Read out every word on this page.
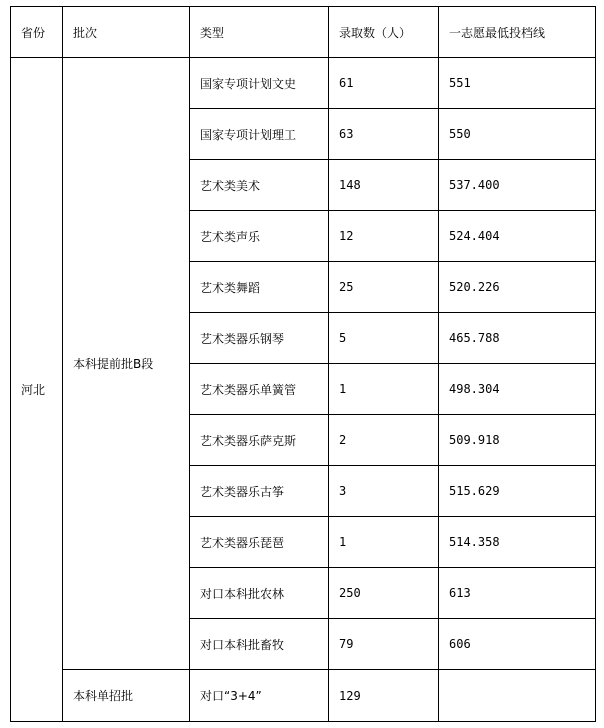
省份	批次	类型	录取数（人）	一志愿最低投档线
河北	本科提前批B段	国家专项计划文史	61	551
		国家专项计划理工	63	550
		艺术类美术	148	537.400
		艺术类声乐	12	524.404
		艺术类舞蹈	25	520.226
		艺术类器乐钢琴	5	465.788
		艺术类器乐单簧管	1	498.304
		艺术类器乐萨克斯	2	509.918
		艺术类器乐古筝	3	515.629
		艺术类器乐琵琶	1	514.358
		对口本科批农林	250	613
		对口本科批畜牧	79	606
	本科单招批	对口“3+4”	129	
